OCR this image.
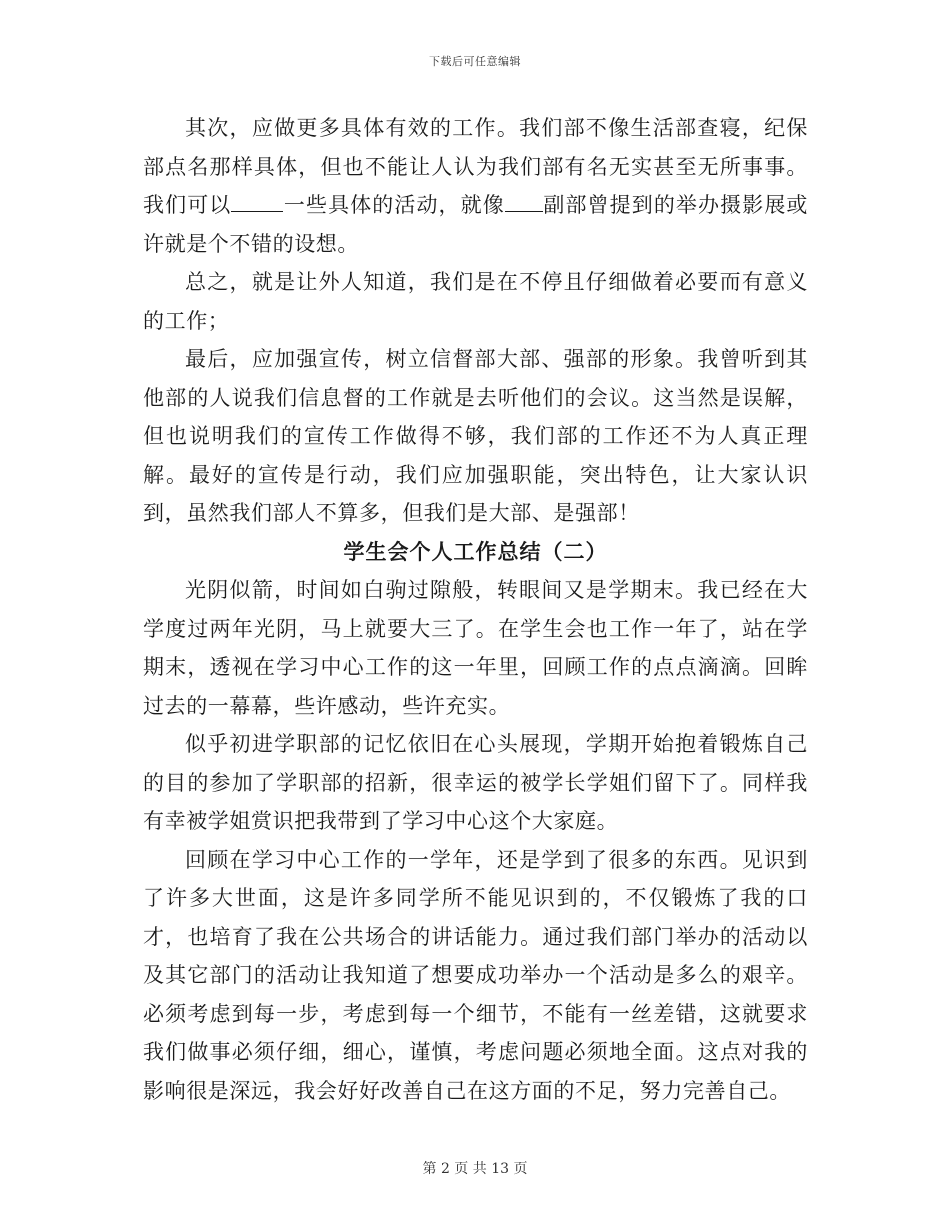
下载后可任意编辑

其次，应做更多具体有效的工作。我们部不像生活部查寝，纪保部点名那样具体，但也不能让人认为我们部有名无实甚至无所事事。我们可以 一些具体的活动，就像 副部曾提到的举办摄影展或许就是个不错的设想。

总之，就是让外人知道，我们是在不停且仔细做着必要而有意义的工作；

最后，应加强宣传，树立信督部大部、强部的形象。我曾听到其他部的人说我们信息督的工作就是去听他们的会议。这当然是误解，但也说明我们的宣传工作做得不够，我们部的工作还不为人真正理解。最好的宣传是行动，我们应加强职能，突出特色，让大家认识到，虽然我们部人不算多，但我们是大部、是强部！

学生会个人工作总结（二）

光阴似箭，时间如白驹过隙般，转眼间又是学期末。我已经在大学度过两年光阴，马上就要大三了。在学生会也工作一年了，站在学期末，透视在学习中心工作的这一年里，回顾工作的点点滴滴。回眸过去的一幕幕，些许感动，些许充实。

似乎初进学职部的记忆依旧在心头展现，学期开始抱着锻炼自己的目的参加了学职部的招新，很幸运的被学长学姐们留下了。同样我有幸被学姐赏识把我带到了学习中心这个大家庭。

回顾在学习中心工作的一学年，还是学到了很多的东西。见识到了许多大世面，这是许多同学所不能见识到的，不仅锻炼了我的口才，也培育了我在公共场合的讲话能力。通过我们部门举办的活动以及其它部门的活动让我知道了想要成功举办一个活动是多么的艰辛。必须考虑到每一步，考虑到每一个细节，不能有一丝差错，这就要求我们做事必须仔细，细心，谨慎，考虑问题必须地全面。这点对我的影响很是深远，我会好好改善自己在这方面的不足，努力完善自己。

第 2 页 共 13 页
